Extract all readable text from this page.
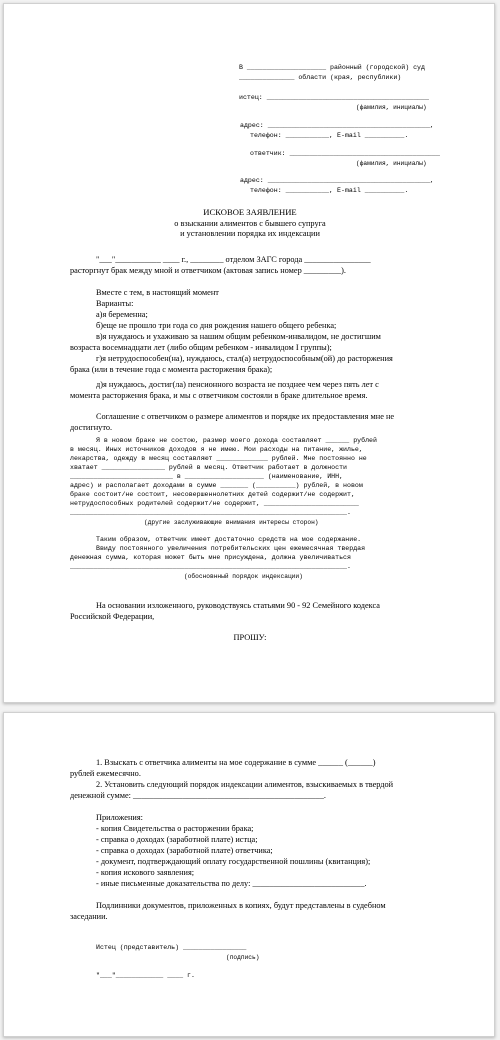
В ____________________ районный (городской) суд
______________ области (края, республики)
истец: _________________________________________
(фамилия, инициалы)
адрес: _________________________________________,
телефон: ___________, E-mail __________.
ответчик: ______________________________________
(фамилия, инициалы)
адрес: _________________________________________,
телефон: ___________, E-mail __________.
ИСКОВОЕ ЗАЯВЛЕНИЕ
о взыскании алиментов с бывшего супруга
и установлении порядка их индексации
"___"___________ ____ г., ________ отделом ЗАГС города ________________
расторгнут брак между мной и ответчиком (актовая запись номер _________).
Вместе с тем, в настоящий момент
Варианты:
а)я беременна;
б)еще не прошло три года со дня рождения нашего общего ребенка;
в)я нуждаюсь и ухаживаю за нашим общим ребенком-инвалидом, не достигшим
возраста восемнадцати лет (либо общим ребенком - инвалидом I группы);
г)я нетрудоспособен(на), нуждаюсь, стал(а) нетрудоспособным(ой) до расторжения
брака (или в течение года с момента расторжения брака);
д)я нуждаюсь, достиг(ла) пенсионного возраста не позднее чем через пять лет с
момента расторжения брака, и мы с ответчиком состояли в браке длительное время.
Соглашение с ответчиком о размере алиментов и порядке их предоставления мне не
достигнуто.
Я в новом браке не состою, размер моего дохода составляет ______ рублей
в месяц. Иных источников доходов я не имею. Мои расходы на питание, жилье,
лекарства, одежду в месяц составляют _____________ рублей. Мне постоянно не
хватает ________________ рублей в месяц. Ответчик работает в должности
__________________________ в ____________________ (наименование, ИНН,
адрес) и располагает доходами в сумме _______ (__________) рублей, в новом
браке состоит/не состоит, несовершеннолетних детей содержит/не содержит,
нетрудоспособных родителей содержит/не содержит, ________________________
______________________________________________________________________.
(другие заслуживающие внимания интересы сторон)
Таким образом, ответчик имеет достаточно средств на мое содержание.
Ввиду постоянного увеличения потребительских цен ежемесячная твердая
денежная сумма, которая может быть мне присуждена, должна увеличиваться
______________________________________________________________________.
(обосновнный порядок индексации)
На основании изложенного, руководствуясь статьями 90 - 92 Семейного кодекса
Российской Федерации,
ПРОШУ:
1. Взыскать с ответчика алименты на мое содержание в сумме ______ (______)
рублей ежемесячно.
2. Установить следующий порядок индексации алиментов, взыскиваемых в твердой
денежной сумме: ______________________________________________.
Приложения:
- копия Свидетельства о расторжении брака;
- справка о доходах (заработной плате) истца;
- справка о доходах (заработной плате) ответчика;
- документ, подтверждающий оплату государственной пошлины (квитанция);
- копия искового заявления;
- иные письменные доказательства по делу: ___________________________.
Подлинники документов, приложенных в копиях, будут представлены в судебном
заседании.
Истец (представитель) ________________
(подпись)
"___"____________ ____ г.
